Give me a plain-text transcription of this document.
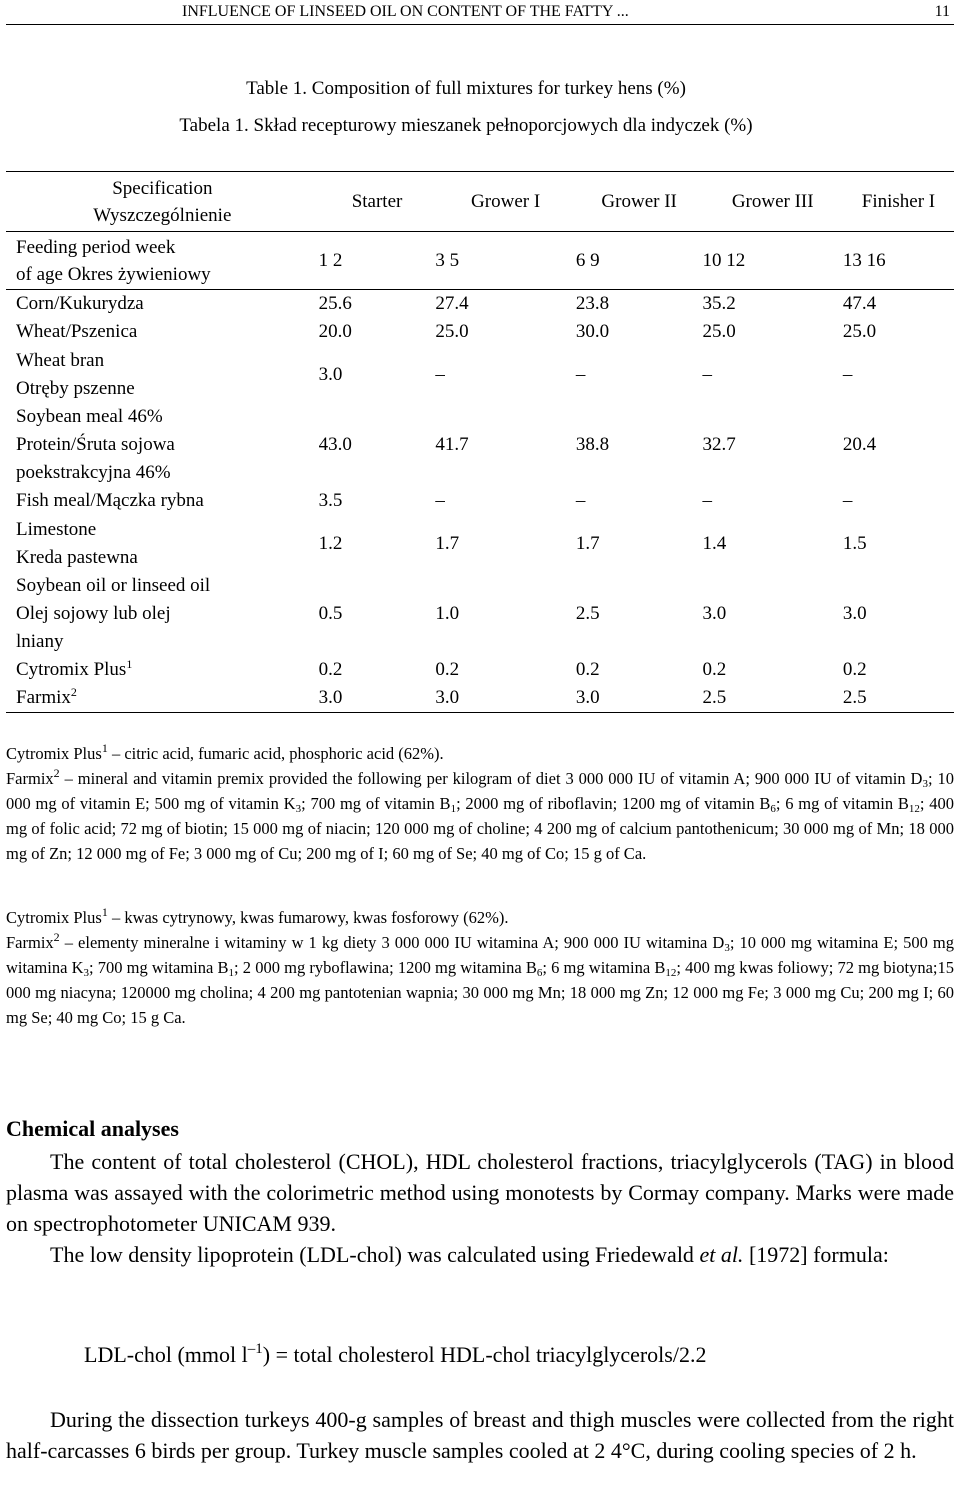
INFLUENCE OF LINSEED OIL ON CONTENT OF THE FATTY ...	11
Table 1. Composition of full mixtures for turkey hens (%)
Tabela 1. Skład recepturowy mieszanek pełnoporcjowych dla indyczek (%)
Specification
Wyszczególnienie	Starter	Grower I	Grower II	Grower III	Finisher I

Feeding period week
of age Okres żywieniowy	1 2	3 5	6 9	10 12	13 16
Corn/Kukurydza	25.6	27.4	23.8	35.2	47.4
Wheat/Pszenica	20.0	25.0	30.0	25.0	25.0

Wheat bran
Otręby pszenne	3.0	–	–	–	–

Soybean meal 46%
Protein/Śruta sojowa
poekstrakcyjna 46%	43.0	41.7	38.8	32.7	20.4
Fish meal/Mączka rybna	3.5	–	–	–	–

Limestone
Kreda pastewna	1.2	1.7	1.7	1.4	1.5

Soybean oil or linseed oil
Olej sojowy lub olej
lniany	0.5	1.0	2.5	3.0	3.0
Cytromix Plus$^1$	0.2	0.2	0.2	0.2	0.2
Farmix$^2$	3.0	3.0	3.0	2.5	2.5

Cytromix Plus$^1$ – citric acid, fumaric acid, phosphoric acid (62%).

Farmix$^2$ – mineral and vitamin premix provided the following per kilogram of diet 3 000 000 IU of vitamin A; 900 000 IU of vitamin $D_3$; 10 000 mg of vitamin E; 500 mg of vitamin $K_3$; 700 mg of vitamin $B_1$; 2000 mg of riboflavin; 1200 mg of vitamin $B_6$; 6 mg of vitamin $B_{12}$; 400 mg of folic acid; 72 mg of biotin; 15 000 mg of niacin; 120 000 mg of choline; 4 200 mg of calcium pantothenicum; 30 000 mg of Mn; 18 000 mg of Zn; 12 000 mg of Fe; 3 000 mg of Cu; 200 mg of I; 60 mg of Se; 40 mg of Co; 15 g of Ca.

Cytromix Plus$^1$ – kwas cytrynowy, kwas fumarowy, kwas fosforowy (62%).

Farmix$^2$ – elementy mineralne i witaminy w 1 kg diety 3 000 000 IU witamina A; 900 000 IU witamina $D_3$; 10 000 mg witamina E; 500 mg witamina $K_3$; 700 mg witamina $B_1$; 2 000 mg ryboflawina; 1200 mg witamina $B_6$; 6 mg witamina $B_{12}$; 400 mg kwas foliowy; 72 mg biotyna;15 000 mg niacyna; 120000 mg cholina; 4 200 mg pantotenian wapnia; 30 000 mg Mn; 18 000 mg Zn; 12 000 mg Fe; 3 000 mg Cu; 200 mg I; 60 mg Se; 40 mg Co; 15 g Ca.

Chemical analyses

The content of total cholesterol (CHOL), HDL cholesterol fractions, triacylglycerols (TAG) in blood plasma was assayed with the colorimetric method using monotests by Cormay company. Marks were made on spectrophotometer UNICAM 939.

The low density lipoprotein (LDL-chol) was calculated using Friedewald et al. [1972] formula:

LDL-chol (mmol $l^{-1}$) = total cholesterol HDL-chol triacylglycerols/2.2

During the dissection turkeys 400-g samples of breast and thigh muscles were collected from the right half-carcasses 6 birds per group. Turkey muscle samples cooled at 2 4°C, during cooling species of 2 h.
